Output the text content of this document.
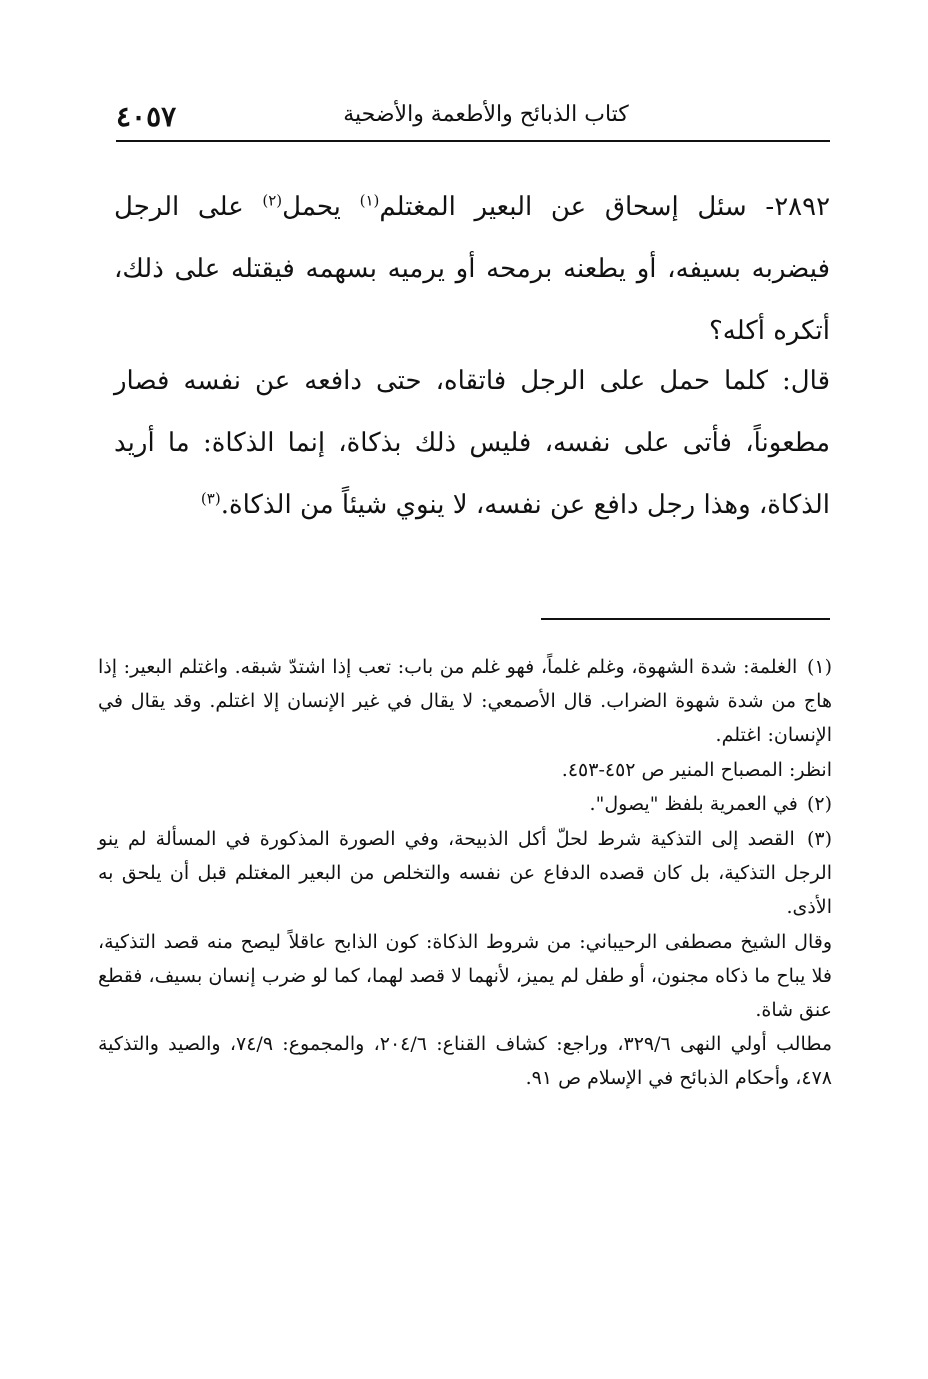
٤٠٥٧	كتاب الذبائح والأطعمة والأضحية

٢٨٩٢- سئل إسحاق عن البعير المغتلم$^{(١)}$ يحمل$^{(٢)}$ على الرجل فيضربه بسيفه، أو يطعنه برمحه أو يرميه بسهمه فيقتله على ذلك، أتكره أكله؟

قال: كلما حمل على الرجل فاتقاه، حتى دافعه عن نفسه فصار مطعوناً، فأتى على نفسه، فليس ذلك بذكاة، إنما الذكاة: ما أريد الذكاة، وهذا رجل دافع عن نفسه، لا ينوي شيئاً من الذكاة.$^{(٣)}$

(١) الغلمة: شدة الشهوة، وغلم غلماً، فهو غلم من باب: تعب إذا اشتدّ شبقه. واغتلم البعير: إذا هاج من شدة شهوة الضراب. قال الأصمعي: لا يقال في غير الإنسان إلا اغتلم. وقد يقال في الإنسان: اغتلم.

انظر: المصباح المنير ص ٤٥٢-٤٥٣.

(٢) في العمرية بلفظ "يصول".

(٣) القصد إلى التذكية شرط لحلّ أكل الذبيحة، وفي الصورة المذكورة في المسألة لم ينو الرجل التذكية، بل كان قصده الدفاع عن نفسه والتخلص من البعير المغتلم قبل أن يلحق به الأذى.

وقال الشيخ مصطفى الرحيباني: من شروط الذكاة: كون الذابح عاقلاً ليصح منه قصد التذكية، فلا يباح ما ذكاه مجنون، أو طفل لم يميز، لأنهما لا قصد لهما، كما لو ضرب إنسان بسيف، فقطع عنق شاة.

مطالب أولي النهى ٣٢٩/٦، وراجع: كشاف القناع: ٢٠٤/٦، والمجموع: ٧٤/٩، والصيد والتذكية ٤٧٨، وأحكام الذبائح في الإسلام ص ٩١.
